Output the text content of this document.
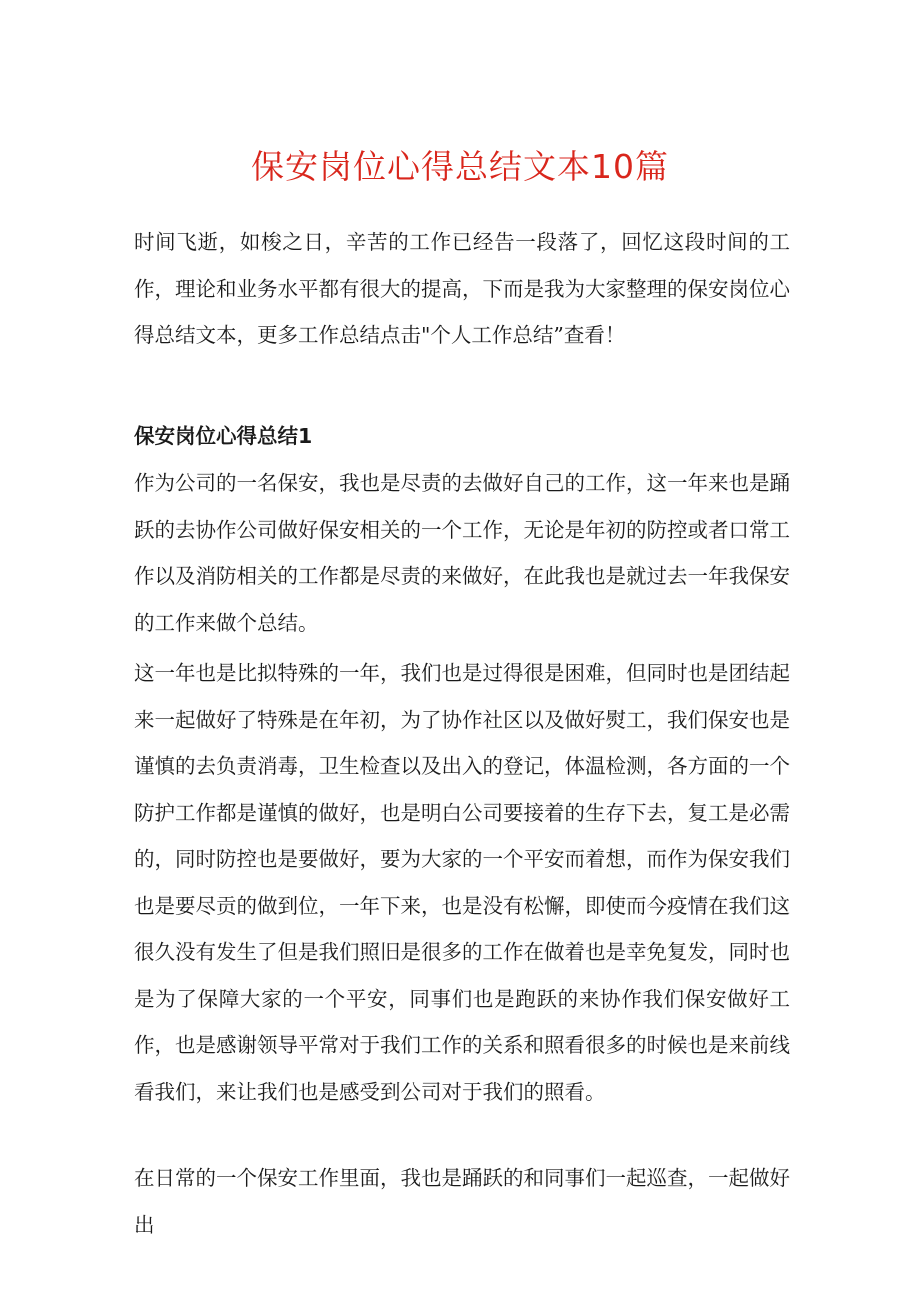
保安岗位心得总结文本10篇

时间飞逝，如梭之日，辛苦的工作已经告一段落了，回忆这段时间的工作，理论和业务水平都有很大的提高，下而是我为大家整理的保安岗位心得总结文本，更多工作总结点击"个人工作总结”查看！

保安岗位心得总结1

作为公司的一名保安，我也是尽责的去做好自己的工作，这一年来也是踊跃的去协作公司做好保安相关的一个工作，无论是年初的防控或者口常工作以及消防相关的工作都是尽责的来做好，在此我也是就过去一年我保安的工作来做个总结。

这一年也是比拟特殊的一年，我们也是过得很是困难，但同时也是团结起来一起做好了特殊是在年初，为了协作社区以及做好熨工，我们保安也是谨慎的去负责消毒，卫生检查以及出入的登记，体温检测，各方面的一个防护工作都是谨慎的做好，也是明白公司要接着的生存下去，复工是必需的，同时防控也是要做好，要为大家的一个平安而着想，而作为保安我们也是要尽贡的做到位，一年下来，也是没有松懈，即使而今疫情在我们这很久没有发生了但是我们照旧是很多的工作在做着也是幸免复发，同时也是为了保障大家的一个平安，同事们也是跑跃的来协作我们保安做好工作，也是感谢领导平常对于我们工作的关系和照看很多的时候也是来前线看我们，来让我们也是感受到公司对于我们的照看。

在日常的一个保安工作里面，我也是踊跃的和同事们一起巡查，一起做好出
